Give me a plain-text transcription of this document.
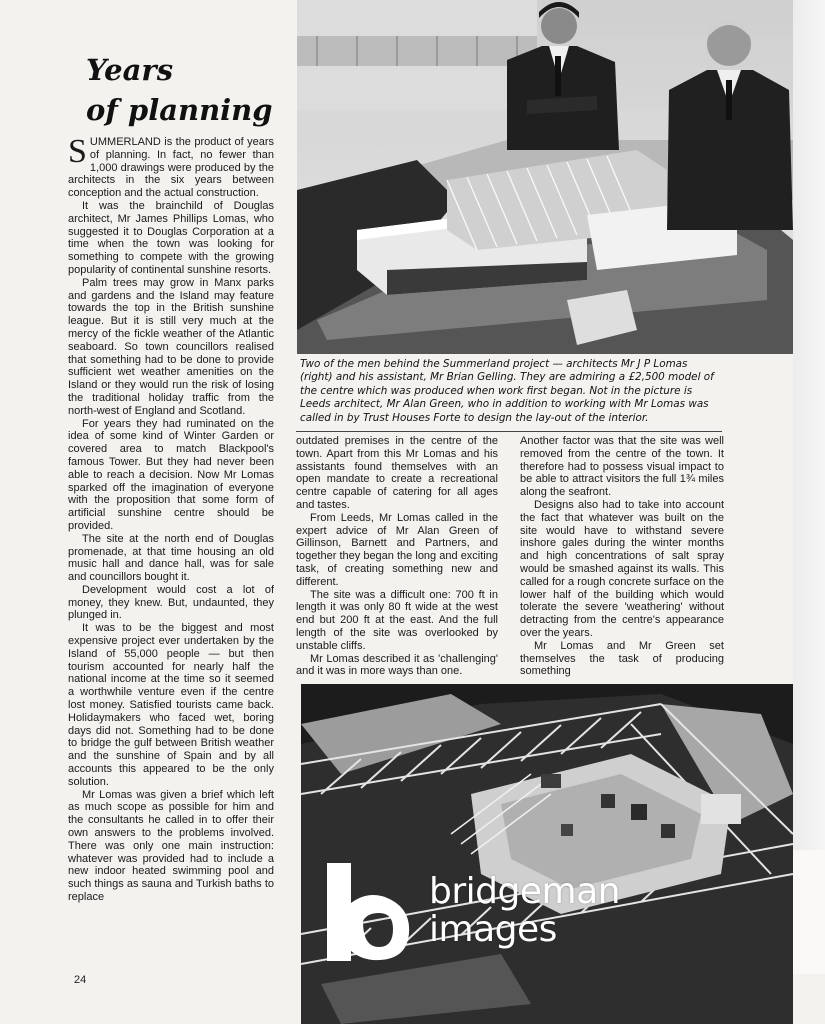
Years
of planning

SUMMERLAND is the product of years of planning. In fact, no fewer than 1,000 drawings were produced by the architects in the six years between conception and the actual construction.

It was the brainchild of Douglas architect, Mr James Phillips Lomas, who suggested it to Douglas Corporation at a time when the town was looking for something to compete with the growing popularity of continental sunshine resorts.

Palm trees may grow in Manx parks and gardens and the Island may feature towards the top in the British sunshine league. But it is still very much at the mercy of the fickle weather of the Atlantic seaboard. So town councillors realised that something had to be done to provide sufficient wet weather amenities on the Island or they would run the risk of losing the traditional holiday traffic from the north-west of England and Scotland.

For years they had ruminated on the idea of some kind of Winter Garden or covered area to match Blackpool's famous Tower. But they had never been able to reach a decision. Now Mr Lomas sparked off the imagination of everyone with the proposition that some form of artificial sunshine centre should be provided.

The site at the north end of Douglas promenade, at that time housing an old music hall and dance hall, was for sale and councillors bought it.

Development would cost a lot of money, they knew. But, undaunted, they plunged in.

It was to be the biggest and most expensive project ever undertaken by the Island of 55,000 people — but then tourism accounted for nearly half the national income at the time so it seemed a worthwhile venture even if the centre lost money. Satisfied tourists came back. Holidaymakers who faced wet, boring days did not. Something had to be done to bridge the gulf between British weather and the sunshine of Spain and by all accounts this appeared to be the only solution.

Mr Lomas was given a brief which left as much scope as possible for him and the consultants he called in to offer their own answers to the problems involved. There was only one main instruction: whatever was provided had to include a new indoor heated swimming pool and such things as sauna and Turkish baths to replace

Two of the men behind the Summerland project — architects Mr J P Lomas (right) and his assistant, Mr Brian Gelling. They are admiring a £2,500 model of the centre which was produced when work first began. Not in the picture is Leeds architect, Mr Alan Green, who in addition to working with Mr Lomas was called in by Trust Houses Forte to design the lay-out of the interior.

outdated premises in the centre of the town. Apart from this Mr Lomas and his assistants found themselves with an open mandate to create a recreational centre capable of catering for all ages and tastes.

From Leeds, Mr Lomas called in the expert advice of Mr Alan Green of Gillinson, Barnett and Partners, and together they began the long and exciting task, of creating something new and different.

The site was a difficult one: 700 ft in length it was only 80 ft wide at the west end but 200 ft at the east. And the full length of the site was overlooked by unstable cliffs.

Mr Lomas described it as 'challenging' and it was in more ways than one.

Another factor was that the site was well removed from the centre of the town. It therefore had to possess visual impact to be able to attract visitors the full 1¾ miles along the seafront.

Designs also had to take into account the fact that whatever was built on the site would have to withstand severe inshore gales during the winter months and high concentrations of salt spray would be smashed against its walls. This called for a rough concrete surface on the lower half of the building which would tolerate the severe 'weathering' without detracting from the centre's appearance over the years.

Mr Lomas and Mr Green set themselves the task of producing something

bridgeman
images
24
